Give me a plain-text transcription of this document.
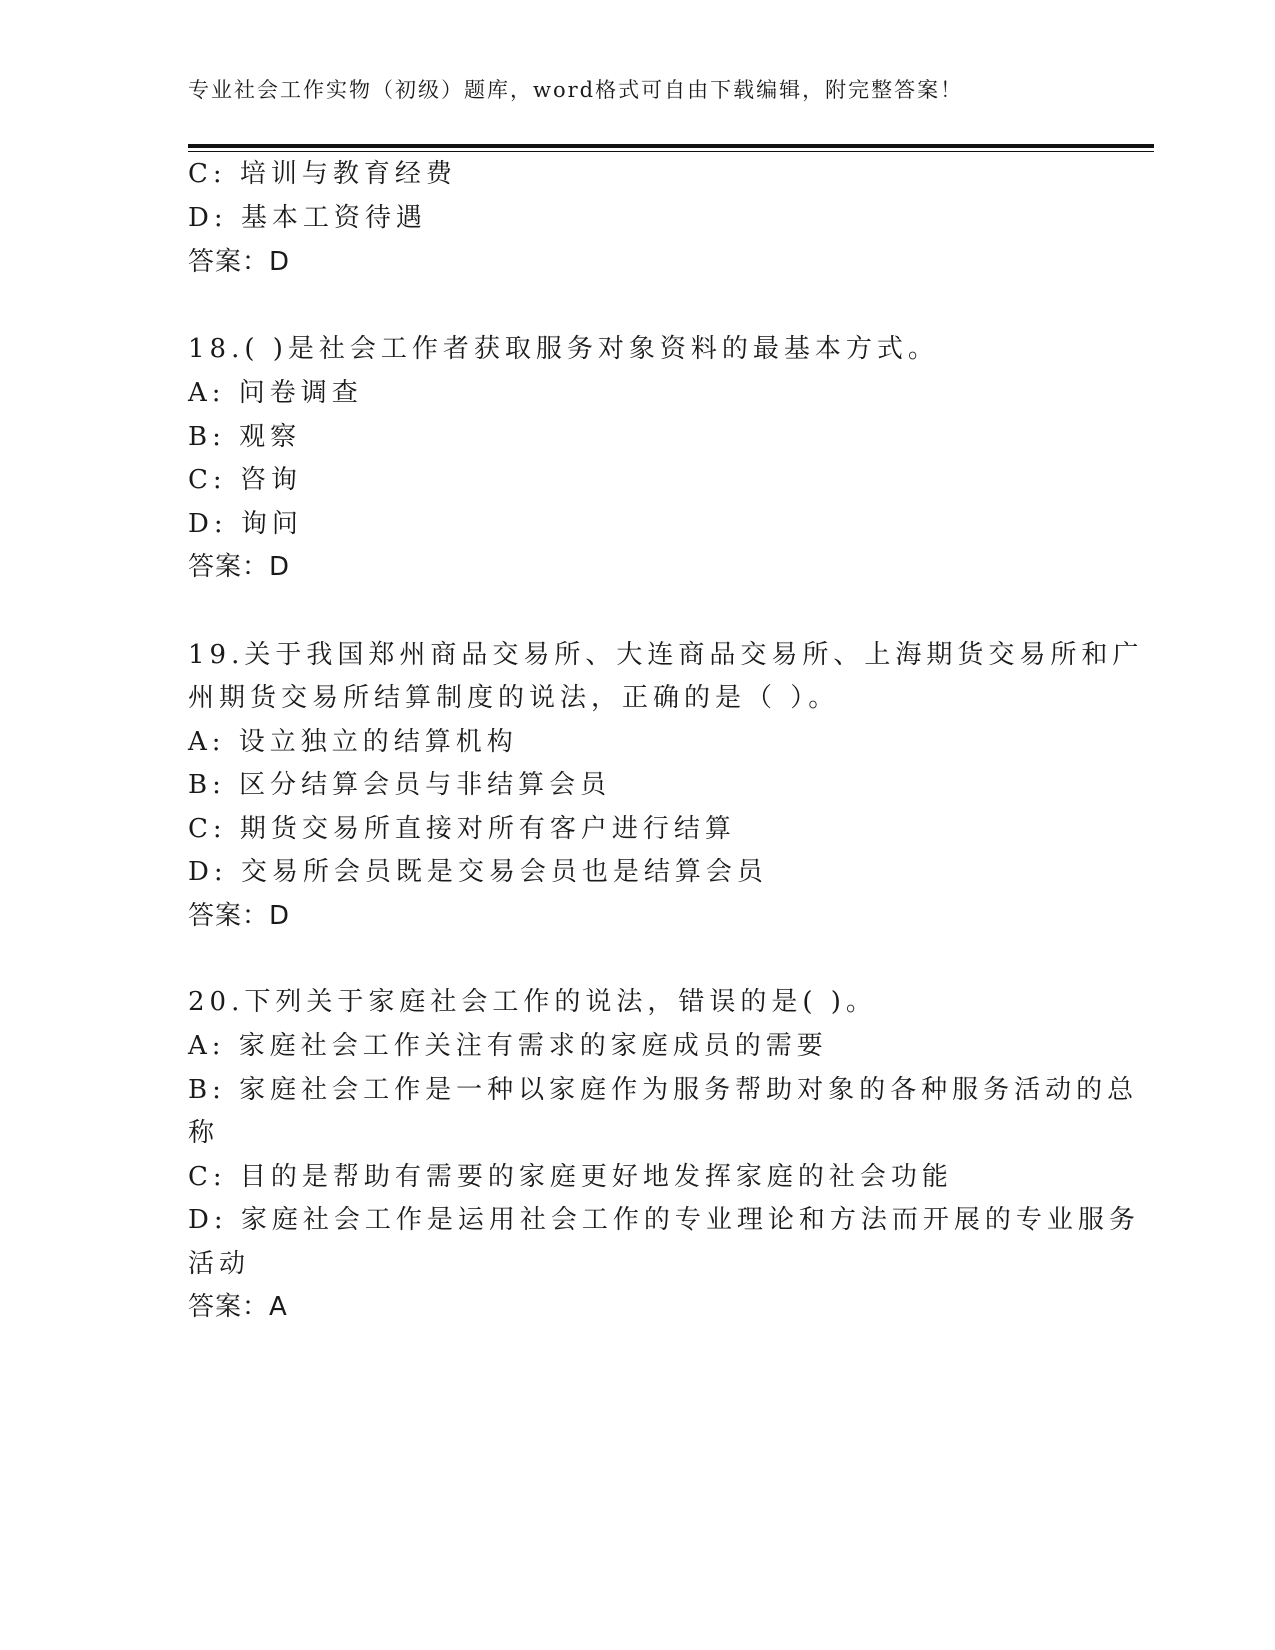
专业社会工作实物（初级）题库，word格式可自由下载编辑，附完整答案！
C: 培训与教育经费
D: 基本工资待遇
答案：D
18.( )是社会工作者获取服务对象资料的最基本方式。
A: 问卷调查
B: 观察
C: 咨询
D: 询问
答案：D
19.关于我国郑州商品交易所、大连商品交易所、上海期货交易所和广
州期货交易所结算制度的说法，正确的是（ ）。
A: 设立独立的结算机构
B: 区分结算会员与非结算会员
C: 期货交易所直接对所有客户进行结算
D: 交易所会员既是交易会员也是结算会员
答案：D
20.下列关于家庭社会工作的说法，错误的是( )。
A: 家庭社会工作关注有需求的家庭成员的需要
B: 家庭社会工作是一种以家庭作为服务帮助对象的各种服务活动的总
称
C: 目的是帮助有需要的家庭更好地发挥家庭的社会功能
D: 家庭社会工作是运用社会工作的专业理论和方法而开展的专业服务
活动
答案：A
